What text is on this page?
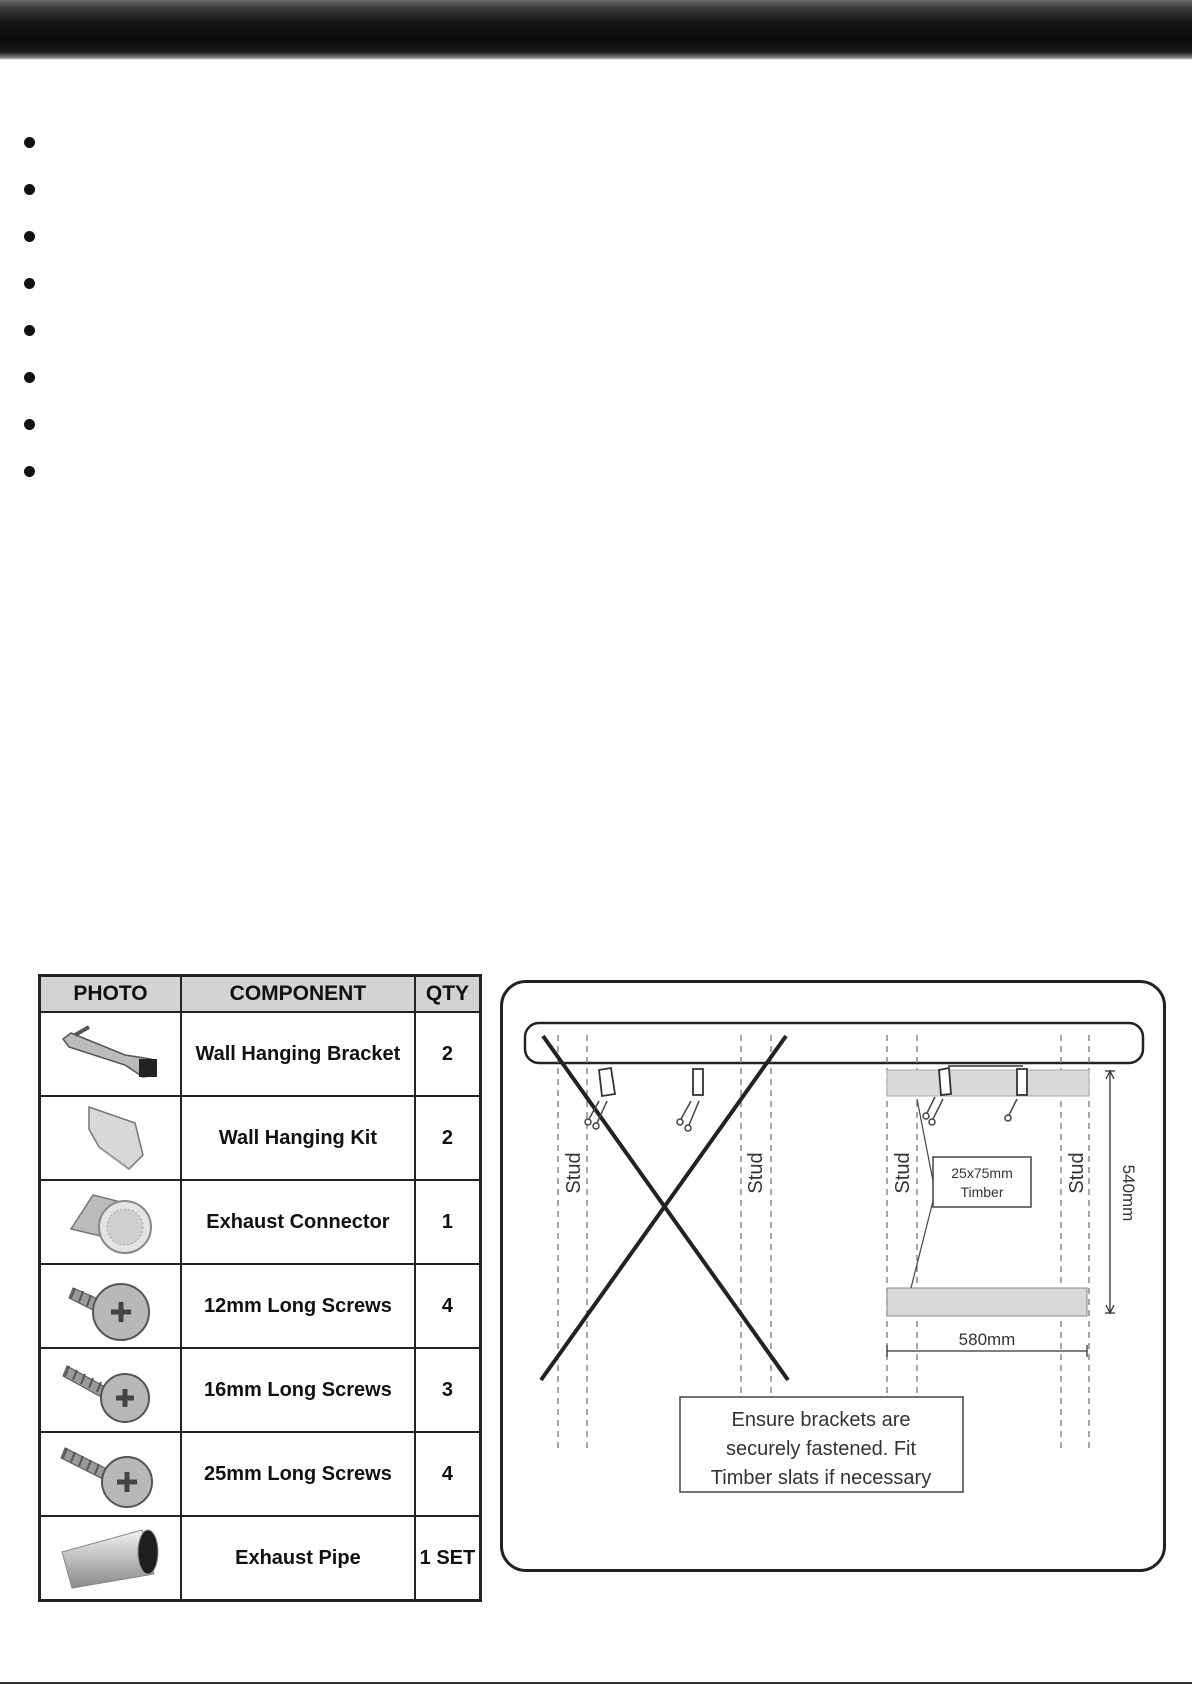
PHOTO	COMPONENT	QTY

	Wall Hanging Bracket	2

	Wall Hanging Kit	2

	Exhaust Connector	1

	12mm Long Screws	4

	16mm Long Screws	3

	25mm Long Screws	4

	Exhaust Pipe	1 SET
25x75mm
Timber
Stud	Stud	Stud	Stud 540mm
580mm
Ensure brackets are
securely fastened. Fit
Timber slats if necessary
